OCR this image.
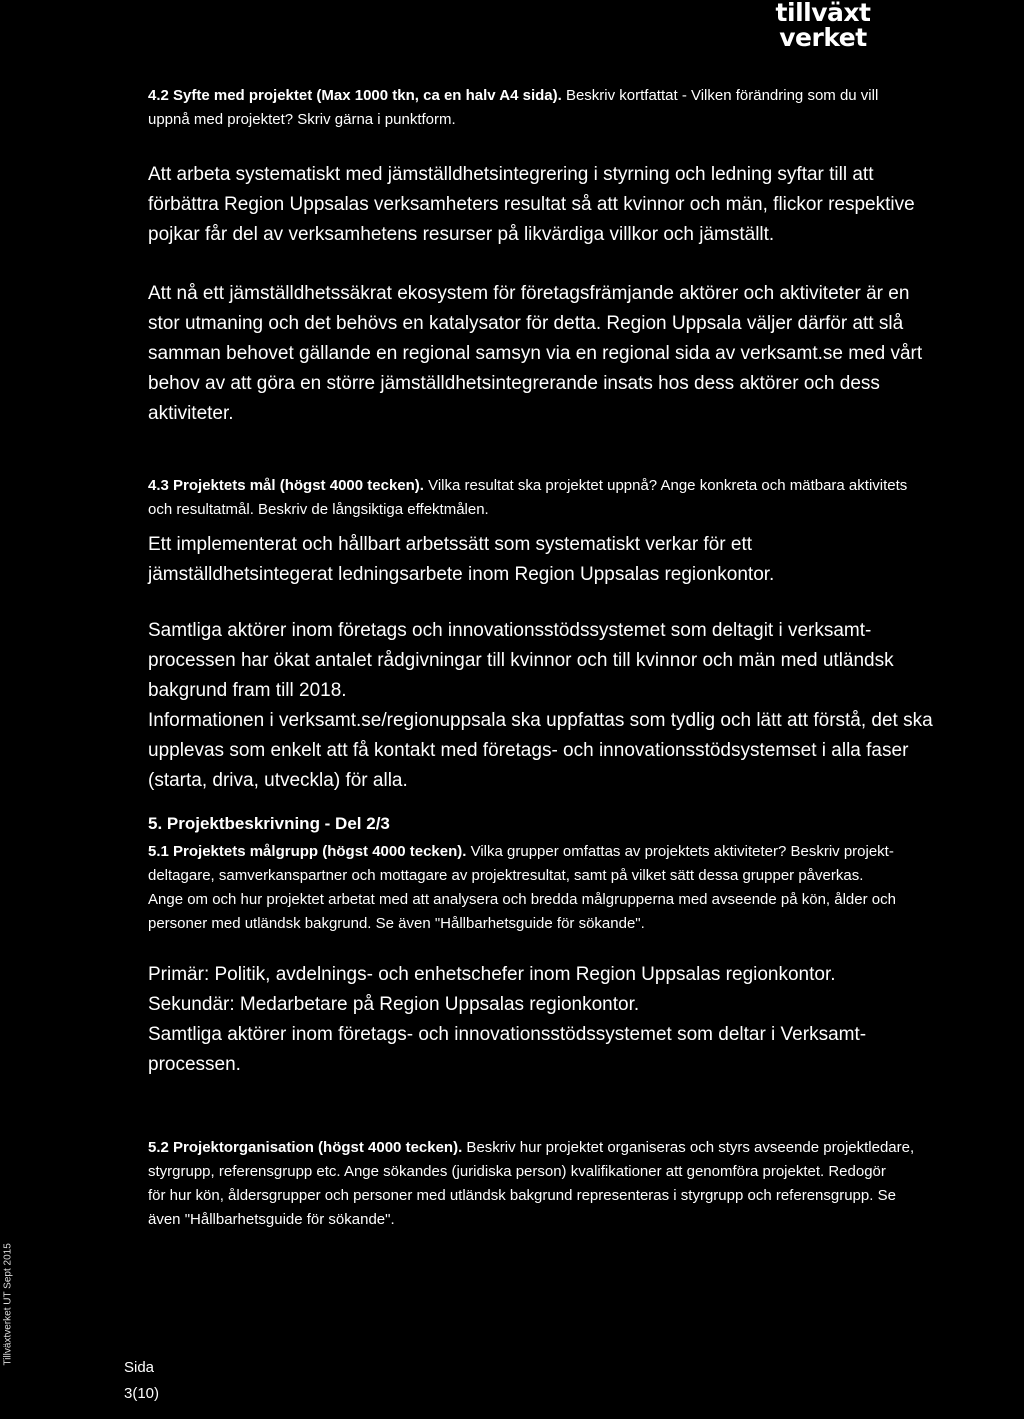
tillväxt
verket
4.2 Syfte med projektet (Max 1000 tkn, ca en halv A4 sida). Beskriv kortfattat - Vilken förändring som du vill
uppnå med projektet? Skriv gärna i punktform.
Att arbeta systematiskt med jämställdhetsintegrering i styrning och ledning syftar till att
förbättra Region Uppsalas verksamheters resultat så att kvinnor och män, flickor respektive
pojkar får del av verksamhetens resurser på likvärdiga villkor och jämställt.
Att nå ett jämställdhetssäkrat ekosystem för företagsfrämjande aktörer och aktiviteter är en
stor utmaning och det behövs en katalysator för detta. Region Uppsala väljer därför att slå
samman behovet gällande en regional samsyn via en regional sida av verksamt.se med vårt
behov av att göra en större jämställdhetsintegrerande insats hos dess aktörer och dess
aktiviteter.
4.3 Projektets mål (högst 4000 tecken). Vilka resultat ska projektet uppnå? Ange konkreta och mätbara aktivitets
och resultatmål. Beskriv de långsiktiga effektmålen.
Ett implementerat och hållbart arbetssätt som systematiskt verkar för ett
jämställdhetsintegerat ledningsarbete inom Region Uppsalas regionkontor.
Samtliga aktörer inom företags och innovationsstödssystemet som deltagit i verksamt-
processen har ökat antalet rådgivningar till kvinnor och till kvinnor och män med utländsk
bakgrund fram till 2018.
Informationen i verksamt.se/regionuppsala ska uppfattas som tydlig och lätt att förstå, det ska
upplevas som enkelt att få kontakt med företags- och innovationsstödsystemset i alla faser
(starta, driva, utveckla) för alla.
5. Projektbeskrivning - Del 2/3
5.1 Projektets målgrupp (högst 4000 tecken). Vilka grupper omfattas av projektets aktiviteter? Beskriv projekt-
deltagare, samverkanspartner och mottagare av projektresultat, samt på vilket sätt dessa grupper påverkas.
Ange om och hur projektet arbetat med att analysera och bredda målgrupperna med avseende på kön, ålder och
personer med utländsk bakgrund. Se även "Hållbarhetsguide för sökande".
Primär: Politik, avdelnings- och enhetschefer inom Region Uppsalas regionkontor.
Sekundär: Medarbetare på Region Uppsalas regionkontor.
Samtliga aktörer inom företags- och innovationsstödssystemet som deltar i Verksamt-
processen.
5.2 Projektorganisation (högst 4000 tecken). Beskriv hur projektet organiseras och styrs avseende projektledare,
styrgrupp, referensgrupp etc. Ange sökandes (juridiska person) kvalifikationer att genomföra projektet. Redogör
för hur kön, åldersgrupper och personer med utländsk bakgrund representeras i styrgrupp och referensgrupp. Se
även "Hållbarhetsguide för sökande".
Tillväxtverket UT Sept 2015
Sida
3(10)
